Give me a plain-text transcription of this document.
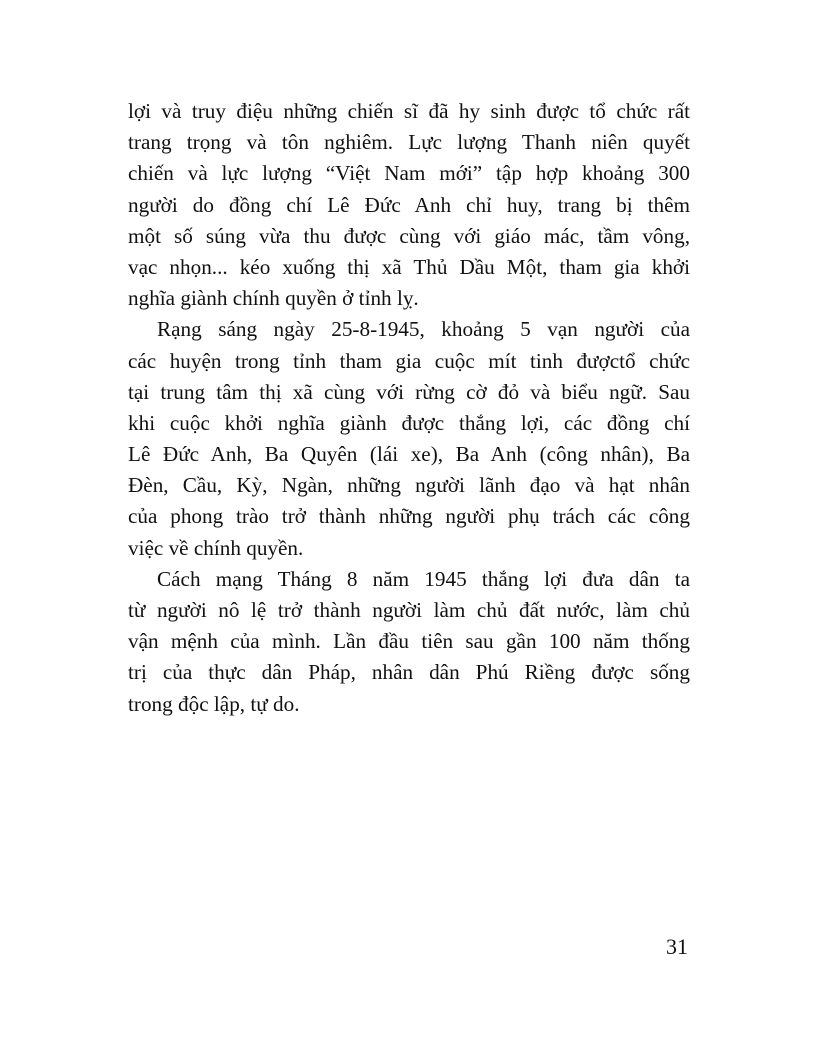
lợi và truy điệu những chiến sĩ đã hy sinh được tổ chức rất
trang trọng và tôn nghiêm. Lực lượng Thanh niên quyết
chiến và lực lượng “Việt Nam mới” tập hợp khoảng 300
người do đồng chí Lê Đức Anh chỉ huy, trang bị thêm
một số súng vừa thu được cùng với giáo mác, tầm vông,
vạc nhọn... kéo xuống thị xã Thủ Dầu Một, tham gia khởi
nghĩa giành chính quyền ở tỉnh lỵ.
Rạng sáng ngày 25-8-1945, khoảng 5 vạn người của
các huyện trong tỉnh tham gia cuộc mít tinh đượctổ chức
tại trung tâm thị xã cùng với rừng cờ đỏ và biểu ngữ. Sau
khi cuộc khởi nghĩa giành được thắng lợi, các đồng chí
Lê Đức Anh, Ba Quyên (lái xe), Ba Anh (công nhân), Ba
Đèn, Cầu, Kỳ, Ngàn, những người lãnh đạo và hạt nhân
của phong trào trở thành những người phụ trách các công
việc về chính quyền.
Cách mạng Tháng 8 năm 1945 thắng lợi đưa dân ta
từ người nô lệ trở thành người làm chủ đất nước, làm chủ
vận mệnh của mình. Lần đầu tiên sau gần 100 năm thống
trị của thực dân Pháp, nhân dân Phú Riềng được sống
trong độc lập, tự do.
31
